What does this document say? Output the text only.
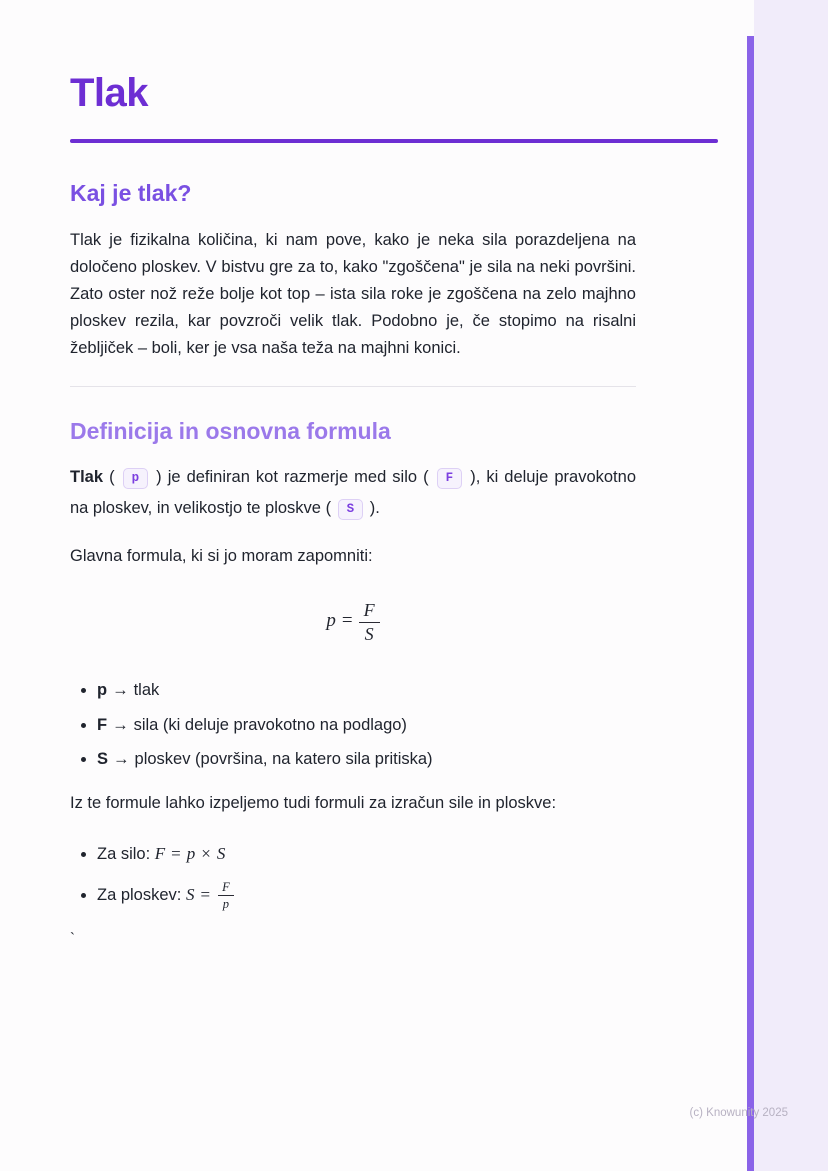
Tlak
Kaj je tlak?

Tlak je fizikalna količina, ki nam pove, kako je neka sila porazdeljena na določeno ploskev. V bistvu gre za to, kako "zgoščena" je sila na neki površini. Zato oster nož reže bolje kot top – ista sila roke je zgoščena na zelo majhno ploskev rezila, kar povzroči velik tlak. Podobno je, če stopimo na risalni žebljiček – boli, ker je vsa naša teža na majhni konici.

Definicija in osnovna formula

Tlak ( p ) je definiran kot razmerje med silo ( F ), ki deluje pravokotno na ploskev, in velikostjo te ploskve ( S ).

Glavna formula, ki si jo moram zapomniti:

$p = \frac{F}{S}$
• p → tlak
• F → sila (ki deluje pravokotno na podlago)
• S → ploskev (površina, na katero sila pritiska)

Iz te formule lahko izpeljemo tudi formuli za izračun sile in ploskve:

• Za silo: F = p × S
• Za ploskev: $S = \frac{F}{p}$

`

(c) Knowunity 2025
